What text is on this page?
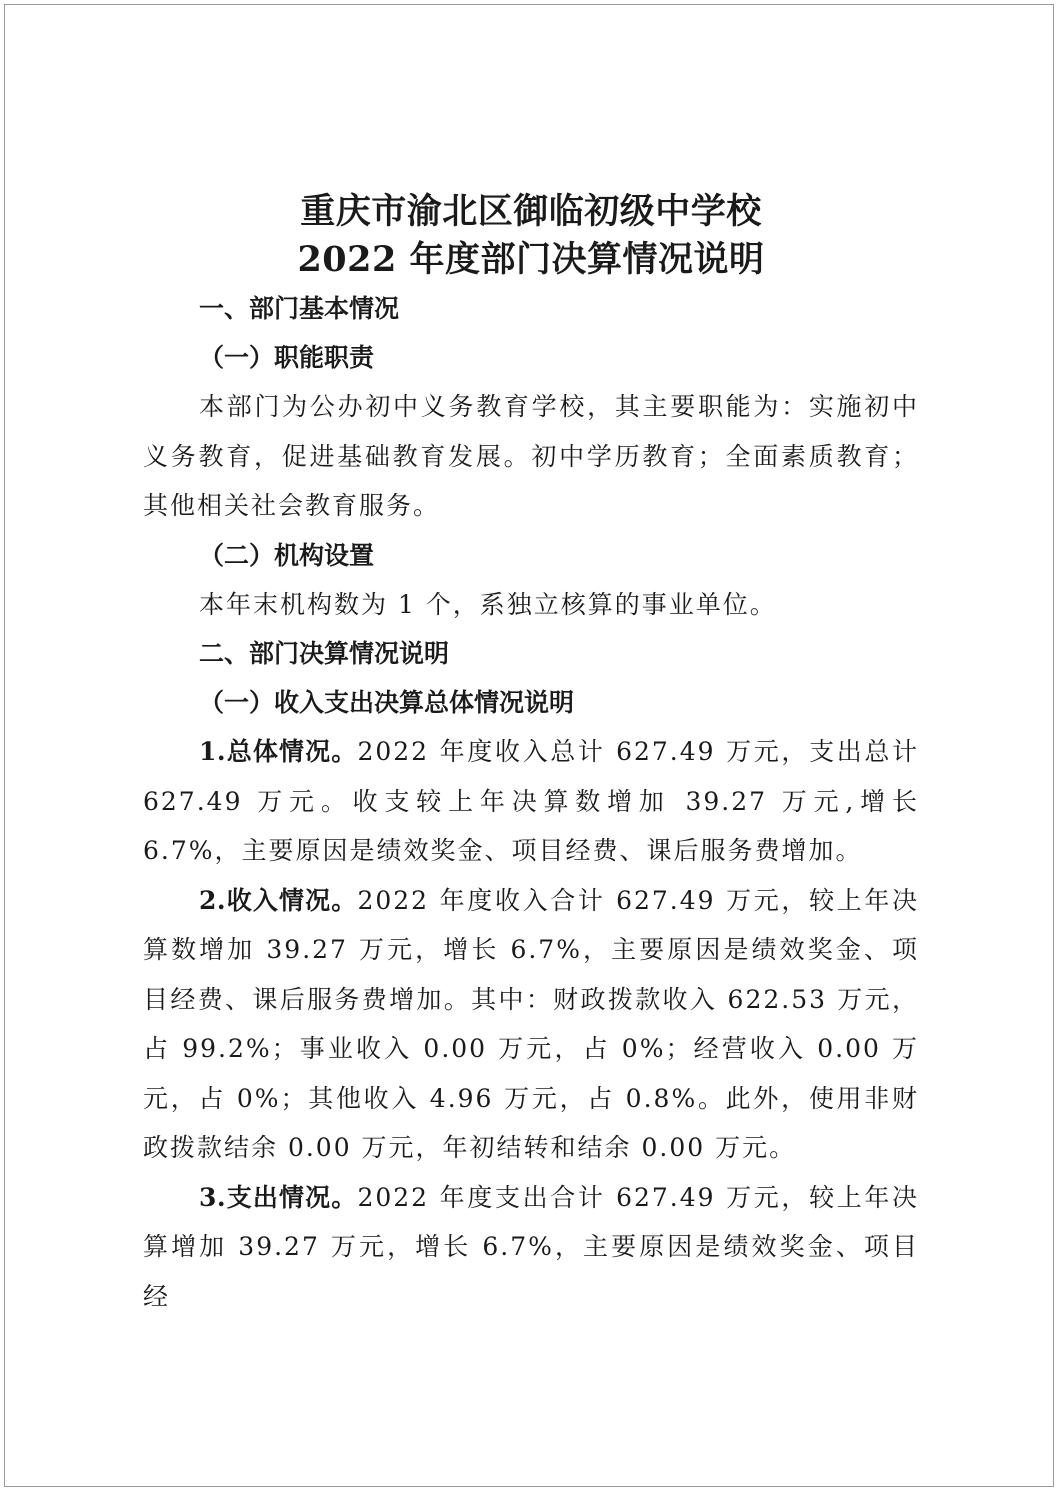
重庆市渝北区御临初级中学校
2022 年度部门决算情况说明

一、部门基本情况

（一）职能职责

本部门为公办初中义务教育学校，其主要职能为：实施初中义务教育，促进基础教育发展。初中学历教育；全面素质教育；其他相关社会教育服务。

（二）机构设置

本年末机构数为 1 个，系独立核算的事业单位。

二、部门决算情况说明

（一）收入支出决算总体情况说明

1.总体情况。2022 年度收入总计 627.49 万元，支出总计 627.49 万元。收支较上年决算数增加 39.27 万元,增长 6.7%，主要原因是绩效奖金、项目经费、课后服务费增加。

2.收入情况。2022 年度收入合计 627.49 万元，较上年决算数增加 39.27 万元，增长 6.7%，主要原因是绩效奖金、项目经费、课后服务费增加。其中：财政拨款收入 622.53 万元，占 99.2%；事业收入 0.00 万元，占 0%；经营收入 0.00 万元，占 0%；其他收入 4.96 万元，占 0.8%。此外，使用非财政拨款结余 0.00 万元，年初结转和结余 0.00 万元。

3.支出情况。2022 年度支出合计 627.49 万元，较上年决算增加 39.27 万元，增长 6.7%，主要原因是绩效奖金、项目经
